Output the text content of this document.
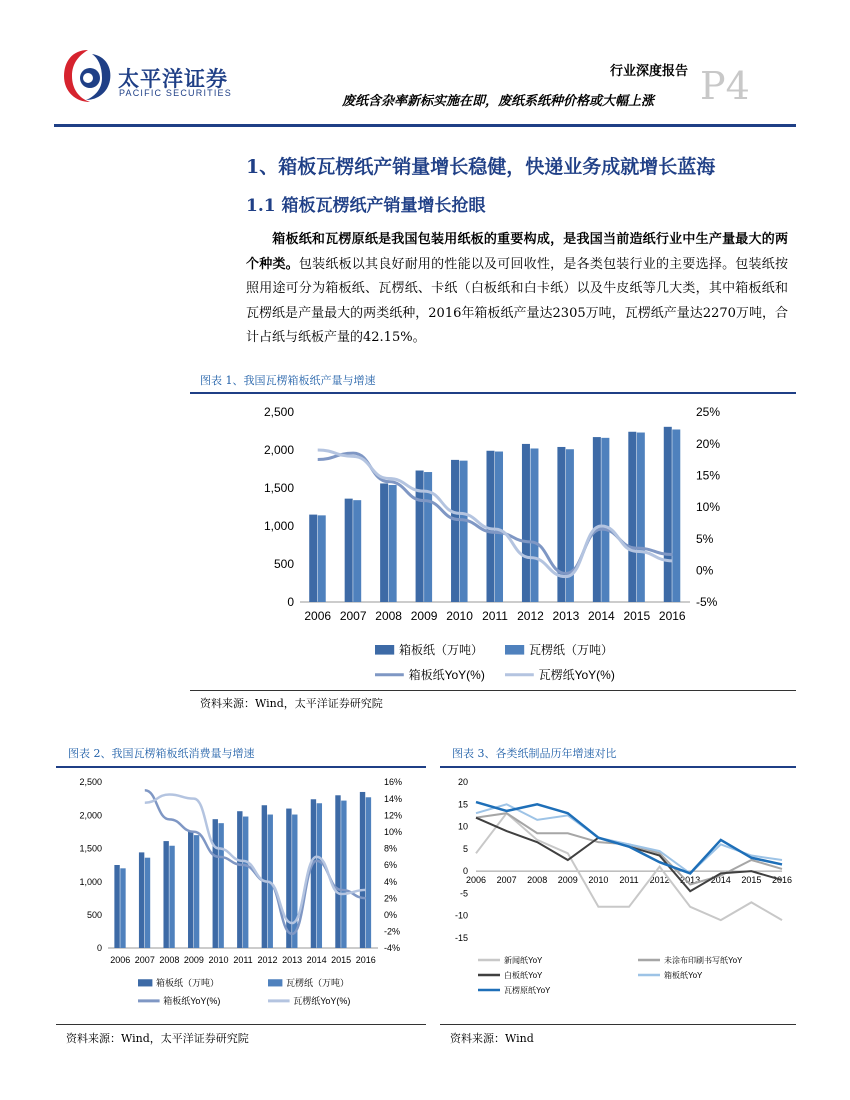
太平洋证券
PACIFIC SECURITIES
行业深度报告
废纸含杂率新标实施在即，废纸系纸种价格或大幅上涨 P4
1、箱板瓦楞纸产销量增长稳健，快递业务成就增长蓝海
1.1 箱板瓦楞纸产销量增长抢眼
箱板纸和瓦楞原纸是我国包装用纸板的重要构成，是我国当前造纸行业中生产量最大的两个种类。包装纸板以其良好耐用的性能以及可回收性，是各类包装行业的主要选择。包装纸按照用途可分为箱板纸、瓦楞纸、卡纸（白板纸和白卡纸）以及牛皮纸等几大类，其中箱板纸和瓦楞纸是产量最大的两类纸种，2016年箱板纸产量达2305万吨，瓦楞纸产量达2270万吨，合计占纸与纸板产量的42.15%。
图表 1、我国瓦楞箱板纸产量与增速
0
500
1,000
1,500
2,000
2,500
-5%
0%
5%
10%
15%
20%
25%
2006 2007 2008 2009 2010 2011 2012 2013 2014 2015 2016
箱板纸（万吨）	瓦楞纸（万吨）
箱板纸YoY(%)	瓦楞纸YoY(%)
资料来源：Wind，太平洋证券研究院
图表 2、我国瓦楞箱板纸消费量与增速
0
500
1,000
1,500
2,000
2,500
-4%
-2%
0%
2%
4%
6%
8%
10%
12%
14%
16%
2006 2007 2008 2009 2010 2011 2012 2013 2014 2015 2016
箱板纸（万吨）	瓦楞纸（万吨）
箱板纸YoY(%)	瓦楞纸YoY(%)
资料来源：Wind，太平洋证券研究院
图表 3、各类纸制品历年增速对比
-15
-10
-5
0
5
10
15
20
2006 2007 2008 2009 2010 2011 2012 2013 2014 2015 2016
新闻纸YoY	未涂布印刷书写纸YoY
白板纸YoY	箱板纸YoY
瓦楞原纸YoY
资料来源：Wind
